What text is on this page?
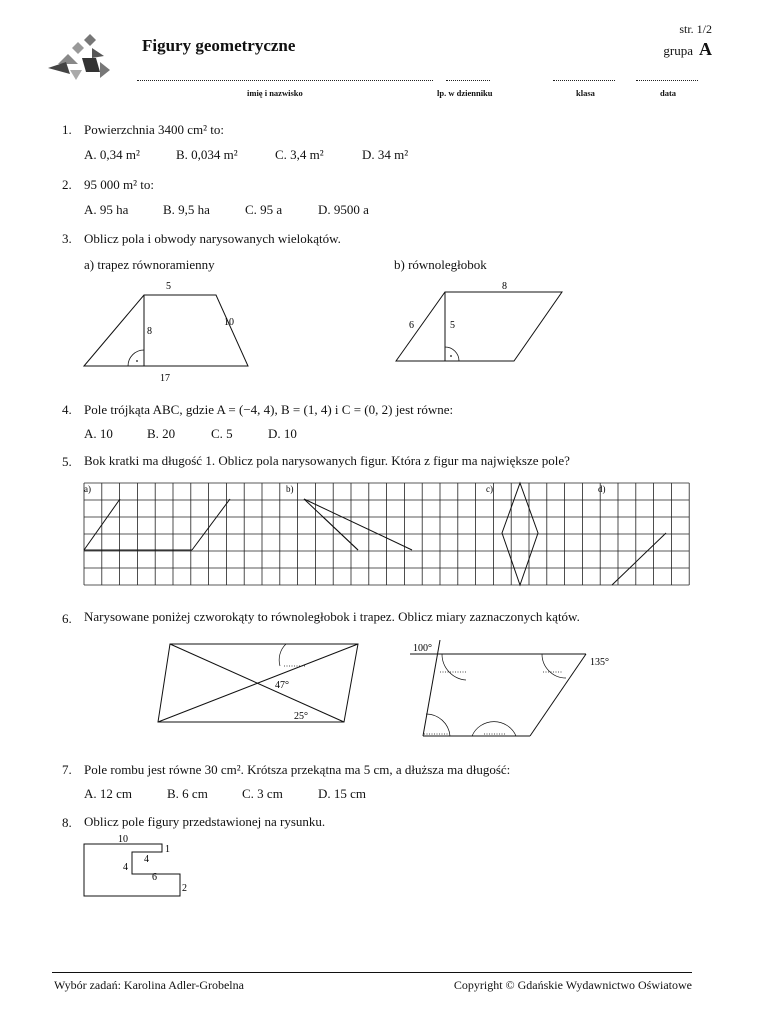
Figury geometryczne
str. 1/2
grupa A
imię i nazwisko	lp. w dzienniku	klasa	data
1. Powierzchnia 3400 cm² to:
A. 0,34 m²	B. 0,034 m²	C. 3,4 m²	D. 34 m²
2. 95 000 m² to:
A. 95 ha	B. 9,5 ha	C. 95 a	D. 9500 a
3. Oblicz pola i obwody narysowanych wielokątów.
a) trapez równoramienny	b) równoległobok
5
8
10
17
8
6	5
4. Pole trójkąta ABC, gdzie A = (−4, 4), B = (1, 4) i C = (0, 2) jest równe:
A. 10	B. 20	C. 5	D. 10
5. Bok kratki ma długość 1. Oblicz pola narysowanych figur. Która z figur ma największe pole?
a)	b)	c)	d)
6. Narysowane poniżej czworokąty to równoległobok i trapez. Oblicz miary zaznaczonych kątów.
47°
25°
100°
135°
7. Pole rombu jest równe 30 cm². Krótsza przekątna ma 5 cm, a dłuższa ma długość:
A. 12 cm	B. 6 cm	C. 3 cm	D. 15 cm
8. Oblicz pole figury przedstawionej na rysunku.
10
1
4
4
6
2
Wybór zadań: Karolina Adler-Grobelna	Copyright © Gdańskie Wydawnictwo Oświatowe
